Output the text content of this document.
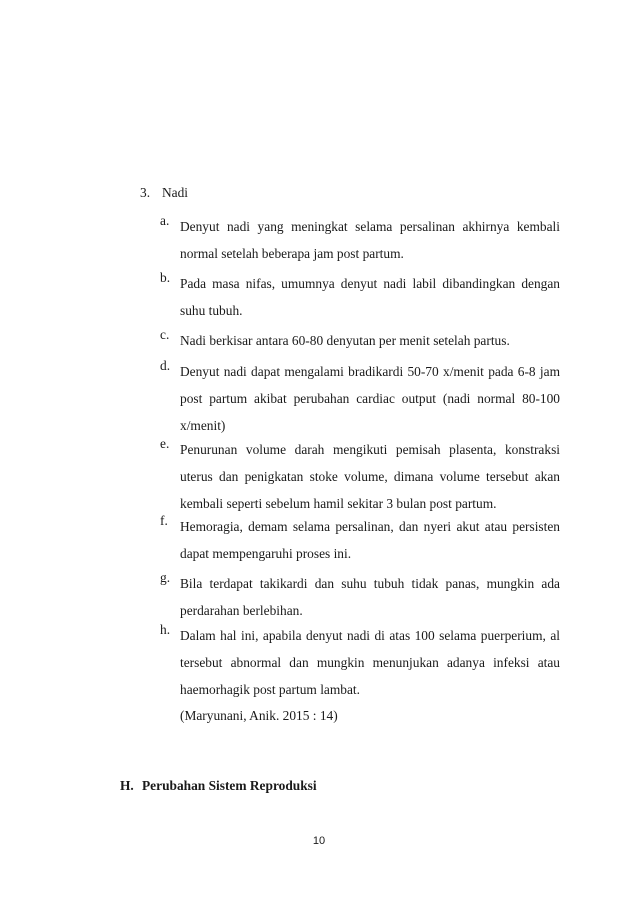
3. Nadi
a. Denyut nadi yang meningkat selama persalinan akhirnya kembali
normal setelah beberapa jam post partum.
b. Pada masa nifas, umumnya denyut nadi labil dibandingkan dengan
suhu tubuh.
c. Nadi berkisar antara 60-80 denyutan per menit setelah partus.
d. Denyut nadi dapat mengalami bradikardi 50-70 x/menit pada 6-8 jam
post partum akibat perubahan cardiac output (nadi normal 80-100
x/menit)
e. Penurunan volume darah mengikuti pemisah plasenta, konstraksi
uterus dan penigkatan stoke volume, dimana volume tersebut akan
kembali seperti sebelum hamil sekitar 3 bulan post partum.
f. Hemoragia, demam selama persalinan, dan nyeri akut atau persisten
dapat mempengaruhi proses ini.
g. Bila terdapat takikardi dan suhu tubuh tidak panas, mungkin ada
perdarahan berlebihan.
h. Dalam hal ini, apabila denyut nadi di atas 100 selama puerperium, al
tersebut abnormal dan mungkin menunjukan adanya infeksi atau
haemorhagik post partum lambat.
(Maryunani, Anik. 2015 : 14)
H. Perubahan Sistem Reproduksi
10
